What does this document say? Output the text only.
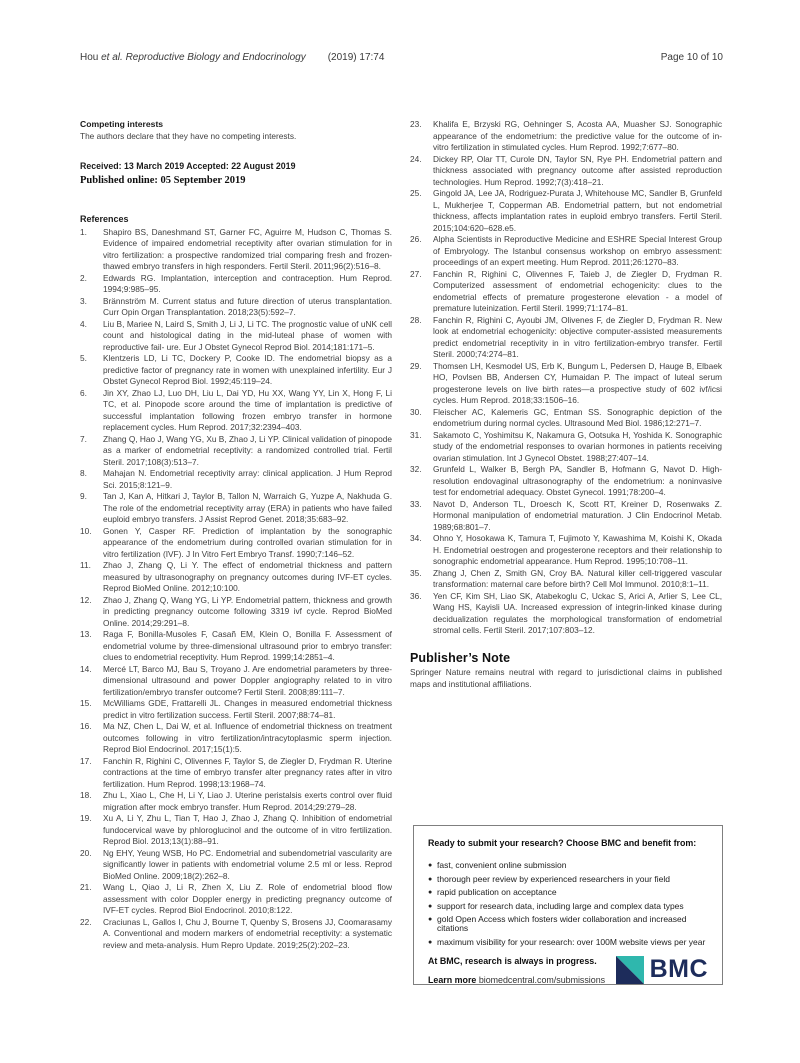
Hou et al. Reproductive Biology and Endocrinology (2019) 17:74	Page 10 of 10
Competing interests
The authors declare that they have no competing interests.
Received: 13 March 2019 Accepted: 22 August 2019
Published online: 05 September 2019
References
1.	Shapiro BS, Daneshmand ST, Garner FC, Aguirre M, Hudson C, Thomas S. Evidence of impaired endometrial receptivity after ovarian stimulation for in vitro fertilization: a prospective randomized trial comparing fresh and frozen-thawed embryo transfers in high responders. Fertil Steril. 2011;96(2):516–8.
2.	Edwards RG. Implantation, interception and contraception. Hum Reprod. 1994;9:985–95.
3.	Brännström M. Current status and future direction of uterus transplantation. Curr Opin Organ Transplantation. 2018;23(5):592–7.
4.	Liu B, Mariee N, Laird S, Smith J, Li J, Li TC. The prognostic value of uNK cell count and histological dating in the mid-luteal phase of women with reproductive fail- ure. Eur J Obstet Gynecol Reprod Biol. 2014;181:171–5.
5.	Klentzeris LD, Li TC, Dockery P, Cooke ID. The endometrial biopsy as a predictive factor of pregnancy rate in women with unexplained infertility. Eur J Obstet Gynecol Reprod Biol. 1992;45:119–24.
6.	Jin XY, Zhao LJ, Luo DH, Liu L, Dai YD, Hu XX, Wang YY, Lin X, Hong F, Li TC, et al. Pinopode score around the time of implantation is predictive of successful implantation following frozen embryo transfer in hormone replacement cycles. Hum Reprod. 2017;32:2394–403.
7.	Zhang Q, Hao J, Wang YG, Xu B, Zhao J, Li YP. Clinical validation of pinopode as a marker of endometrial receptivity: a randomized controlled trial. Fertil Steril. 2017;108(3):513–7.
8.	Mahajan N. Endometrial receptivity array: clinical application. J Hum Reprod Sci. 2015;8:121–9.
9.	Tan J, Kan A, Hitkari J, Taylor B, Tallon N, Warraich G, Yuzpe A, Nakhuda G. The role of the endometrial receptivity array (ERA) in patients who have failed euploid embryo transfers. J Assist Reprod Genet. 2018;35:683–92.
10. Gonen Y, Casper RF. Prediction of implantation by the sonographic appearance of the endometrium during controlled ovarian stimulation for in vitro fertilization (IVF). J In Vitro Fert Embryo Transf. 1990;7:146–52.
11.	Zhao J, Zhang Q, Li Y. The effect of endometrial thickness and pattern measured by ultrasonography on pregnancy outcomes during IVF-ET cycles. Reprod BioMed Online. 2012;10:100.
12. Zhao J, Zhang Q, Wang YG, Li YP. Endometrial pattern, thickness and growth in predicting pregnancy outcome following 3319 ivf cycle. Reprod BioMed Online. 2014;29:291–8.
13. Raga F, Bonilla-Musoles F, Casañ EM, Klein O, Bonilla F. Assessment of endometrial volume by three-dimensional ultrasound prior to embryo transfer: clues to endometrial receptivity. Hum Reprod. 1999;14:2851–4.
14. Mercé LT, Barco MJ, Bau S, Troyano J. Are endometrial parameters by three-dimensional ultrasound and power Doppler angiography related to in vitro fertilization/embryo transfer outcome? Fertil Steril. 2008;89:111–7.
15. McWilliams GDE, Frattarelli JL. Changes in measured endometrial thickness predict in vitro fertilization success. Fertil Steril. 2007;88:74–81.
16. Ma NZ, Chen L, Dai W, et al. Influence of endometrial thickness on treatment outcomes following in vitro fertilization/intracytoplasmic sperm injection. Reprod Biol Endocrinol. 2017;15(1):5.
17. Fanchin R, Righini C, Olivennes F, Taylor S, de Ziegler D, Frydman R. Uterine contractions at the time of embryo transfer alter pregnancy rates after in vitro fertilization. Hum Reprod. 1998;13:1968–74.
18. Zhu L, Xiao L, Che H, Li Y, Liao J. Uterine peristalsis exerts control over fluid migration after mock embryo transfer. Hum Reprod. 2014;29:279–28.
19. Xu A, Li Y, Zhu L, Tian T, Hao J, Zhao J, Zhang Q. Inhibition of endometrial fundocervical wave by phloroglucinol and the outcome of in vitro fertilization. Reprod Biol. 2013;13(1):88–91.
20. Ng EHY, Yeung WSB, Ho PC. Endometrial and subendometrial vascularity are significantly lower in patients with endometrial volume 2.5 ml or less. Reprod BioMed Online. 2009;18(2):262–8.
21. Wang L, Qiao J, Li R, Zhen X, Liu Z. Role of endometrial blood flow assessment with color Doppler energy in predicting pregnancy outcome of IVF-ET cycles. Reprod Biol Endocrinol. 2010;8:122.
22. Craciunas L, Gallos I, Chu J, Bourne T, Quenby S, Brosens JJ, Coomarasamy A. Conventional and modern markers of endometrial receptivity: a systematic review and meta-analysis. Hum Repro Update. 2019;25(2):202–23.
23. Khalifa E, Brzyski RG, Oehninger S, Acosta AA, Muasher SJ. Sonographic appearance of the endometrium: the predictive value for the outcome of in-vitro fertilization in stimulated cycles. Hum Reprod. 1992;7:677–80.
24. Dickey RP, Olar TT, Curole DN, Taylor SN, Rye PH. Endometrial pattern and thickness associated with pregnancy outcome after assisted reproduction technologies. Hum Reprod. 1992;7(3):418–21.
25. Gingold JA, Lee JA, Rodriguez-Purata J, Whitehouse MC, Sandler B, Grunfeld L, Mukherjee T, Copperman AB. Endometrial pattern, but not endometrial thickness, affects implantation rates in euploid embryo transfers. Fertil Steril. 2015;104:620–628.e5.
26. Alpha Scientists in Reproductive Medicine and ESHRE Special Interest Group of Embryology. The Istanbul consensus workshop on embryo assessment: proceedings of an expert meeting. Hum Reprod. 2011;26:1270–83.
27. Fanchin R, Righini C, Olivennes F, Taieb J, de Ziegler D, Frydman R. Computerized assessment of endometrial echogenicity: clues to the endometrial effects of premature progesterone elevation - a model of premature luteinization. Fertil Steril. 1999;71:174–81.
28. Fanchin R, Righini C, Ayoubi JM, Olivenes F, de Ziegler D, Frydman R. New look at endometrial echogenicity: objective computer-assisted measurements predict endometrial receptivity in in vitro fertilization-embryo transfer. Fertil Steril. 2000;74:274–81.
29. Thomsen LH, Kesmodel US, Erb K, Bungum L, Pedersen D, Hauge B, Elbaek HO, Povlsen BB, Andersen CY, Humaidan P. The impact of luteal serum progesterone levels on live birth rates—a prospective study of 602 ivf/icsi cycles. Hum Reprod. 2018;33:1506–16.
30. Fleischer AC, Kalemeris GC, Entman SS. Sonographic depiction of the endometrium during normal cycles. Ultrasound Med Biol. 1986;12:271–7.
31. Sakamoto C, Yoshimitsu K, Nakamura G, Ootsuka H, Yoshida K. Sonographic study of the endometrial responses to ovarian hormones in patients receiving ovarian stimulation. Int J Gynecol Obstet. 1988;27:407–14.
32. Grunfeld L, Walker B, Bergh PA, Sandler B, Hofmann G, Navot D. High-resolution endovaginal ultrasonography of the endometrium: a noninvasive test for endometrial adequacy. Obstet Gynecol. 1991;78:200–4.
33. Navot D, Anderson TL, Droesch K, Scott RT, Kreiner D, Rosenwaks Z. Hormonal manipulation of endometrial maturation. J Clin Endocrinol Metab. 1989;68:801–7.
34. Ohno Y, Hosokawa K, Tamura T, Fujimoto Y, Kawashima M, Koishi K, Okada H. Endometrial oestrogen and progesterone receptors and their relationship to sonographic endometrial appearance. Hum Reprod. 1995;10:708–11.
35. Zhang J, Chen Z, Smith GN, Croy BA. Natural killer cell-triggered vascular transformation: maternal care before birth? Cell Mol Immunol. 2010;8:1–11.
36. Yen CF, Kim SH, Liao SK, Atabekoglu C, Uckac S, Arici A, Arlier S, Lee CL, Wang HS, Kayisli UA. Increased expression of integrin-linked kinase during decidualization regulates the morphological transformation of endometrial stromal cells. Fertil Steril. 2017;107:803–12.
Publisher’s Note
Springer Nature remains neutral with regard to jurisdictional claims in published maps and institutional affiliations.
Ready to submit your research? Choose BMC and benefit from:
● fast, convenient online submission
● thorough peer review by experienced researchers in your field
● rapid publication on acceptance
● support for research data, including large and complex data types
● gold Open Access which fosters wider collaboration and increased citations
● maximum visibility for your research: over 100M website views per year
At BMC, research is always in progress.
Learn more biomedcentral.com/submissions BMC
